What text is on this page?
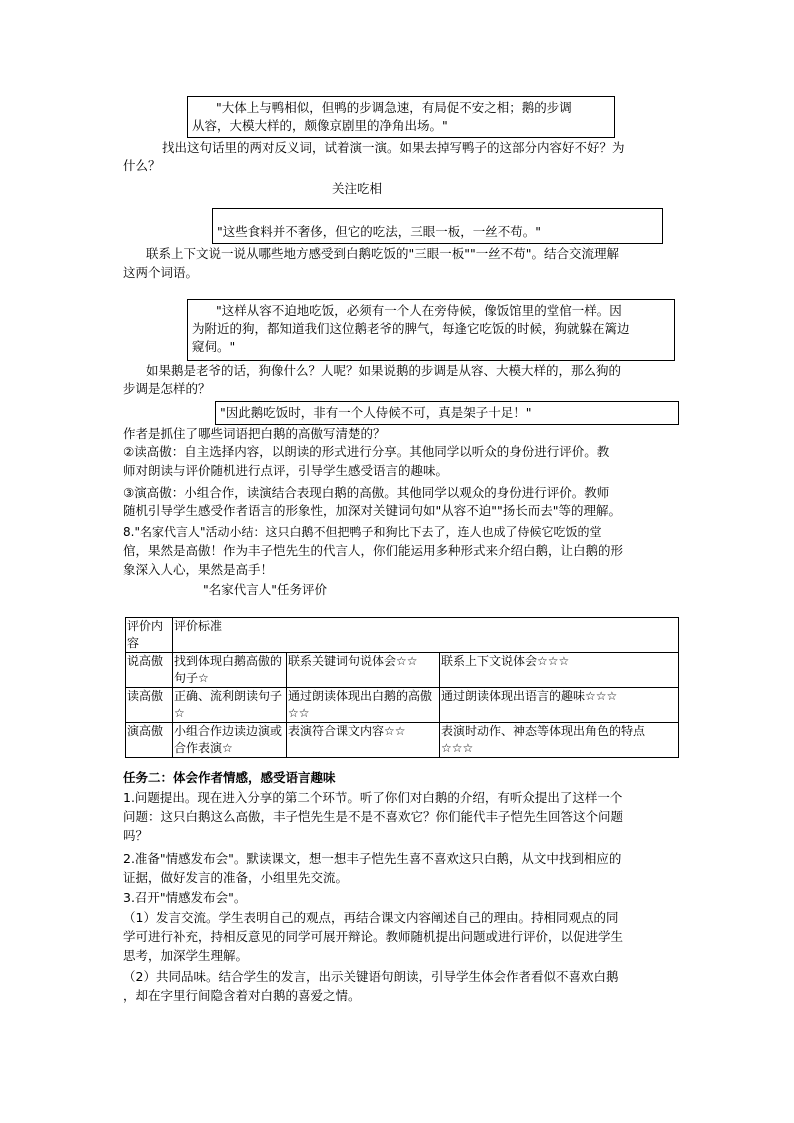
"大体上与鸭相似，但鸭的步调急速，有局促不安之相；鹅的步调
从容，大模大样的，颇像京剧里的净角出场。"
找出这句话里的两对反义词，试着演一演。如果去掉写鸭子的这部分内容好不好？为
什么？
关注吃相
"这些食料并不奢侈，但它的吃法，三眼一板，一丝不苟。"
联系上下文说一说从哪些地方感受到白鹅吃饭的"三眼一板""一丝不苟"。结合交流理解
这两个词语。
"这样从容不迫地吃饭，必须有一个人在旁侍候，像饭馆里的堂倌一样。因
为附近的狗，都知道我们这位鹅老爷的脾气，每逢它吃饭的时候，狗就躲在篱边
窥伺。"
如果鹅是老爷的话，狗像什么？人呢？如果说鹅的步调是从容、大模大样的，那么狗的
步调是怎样的？
"因此鹅吃饭时，非有一个人侍候不可，真是架子十足！"
作者是抓住了哪些词语把白鹅的高傲写清楚的？
②读高傲：自主选择内容，以朗读的形式进行分享。其他同学以听众的身份进行评价。教
师对朗读与评价随机进行点评，引导学生感受语言的趣味。
③演高傲：小组合作，读演结合表现白鹅的高傲。其他同学以观众的身份进行评价。教师
随机引导学生感受作者语言的形象性，加深对关键词句如"从容不迫""扬长而去"等的理解。
8."名家代言人"活动小结：这只白鹅不但把鸭子和狗比下去了，连人也成了侍候它吃饭的堂
倌，果然是高傲！作为丰子恺先生的代言人，你们能运用多种形式来介绍白鹅，让白鹅的形
象深入人心，果然是高手！
"名家代言人"任务评价
评价内容	评价标准		
说高傲	找到体现白鹅高傲的句子☆	联系关键词句说体会☆☆	联系上下文说体会☆☆☆
读高傲	正确、流利朗读句子☆	通过朗读体现出白鹅的高傲☆☆	通过朗读体现出语言的趣味☆☆☆
演高傲	小组合作边读边演或合作表演☆	表演符合课文内容☆☆	表演时动作、神态等体现出角色的特点☆☆☆
任务二：体会作者情感，感受语言趣味
1.问题提出。现在进入分享的第二个环节。听了你们对白鹅的介绍，有听众提出了这样一个
问题：这只白鹅这么高傲，丰子恺先生是不是不喜欢它？你们能代丰子恺先生回答这个问题
吗？
2.准备"情感发布会"。默读课文，想一想丰子恺先生喜不喜欢这只白鹅，从文中找到相应的
证据，做好发言的准备，小组里先交流。
3.召开"情感发布会"。
（1）发言交流。学生表明自己的观点，再结合课文内容阐述自己的理由。持相同观点的同
学可进行补充，持相反意见的同学可展开辩论。教师随机提出问题或进行评价，以促进学生
思考，加深学生理解。
（2）共同品味。结合学生的发言，出示关键语句朗读，引导学生体会作者看似不喜欢白鹅
，却在字里行间隐含着对白鹅的喜爱之情。
